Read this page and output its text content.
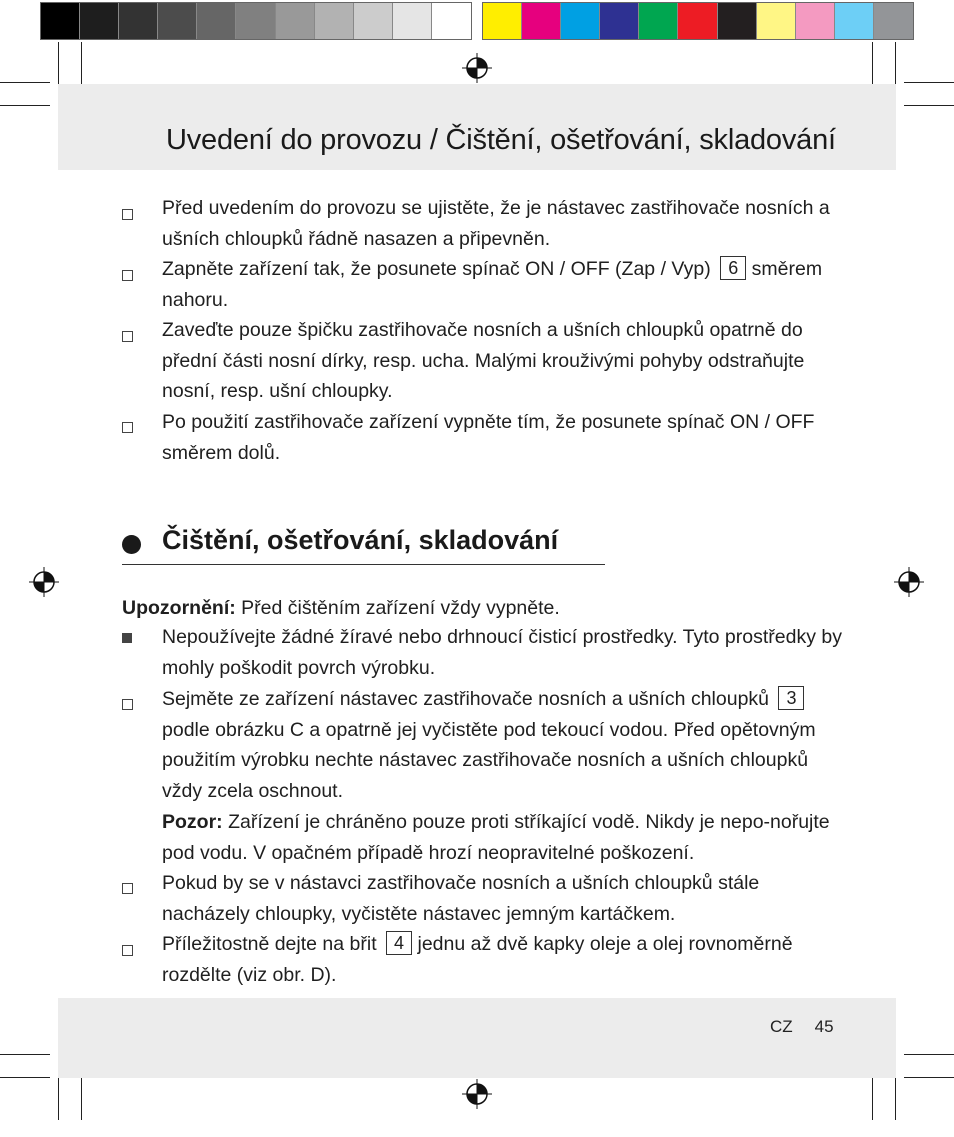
Uvedení do provozu / Čištění, ošetřování, skladování
Před uvedením do provozu se ujistěte, že je nástavec zastřihovače nosních a ušních chloupků řádně nasazen a připevněn.
Zapněte zařízení tak, že posunete spínač ON / OFF (Zap / Vyp) 6 směrem nahoru.
Zaveďte pouze špičku zastřihovače nosních a ušních chloupků opatrně do přední části nosní dírky, resp. ucha. Malými krouživými pohyby odstraňujte nosní, resp. ušní chloupky.
Po použití zastřihovače zařízení vypněte tím, že posunete spínač ON / OFF směrem dolů.
Čištění, ošetřování, skladování
Upozornění: Před čištěním zařízení vždy vypněte.
Nepoužívejte žádné žíravé nebo drhnoucí čisticí prostředky. Tyto prostředky by mohly poškodit povrch výrobku.
Sejměte ze zařízení nástavec zastřihovače nosních a ušních chloupků 3 podle obrázku C a opatrně jej vyčistěte pod tekoucí vodou. Před opětovným použitím výrobku nechte nástavec zastřihovače nosních a ušních chloupků vždy zcela oschnout.
Pozor: Zařízení je chráněno pouze proti stříkající vodě. Nikdy je nepo-nořujte pod vodu. V opačném případě hrozí neopravitelné poškození.
Pokud by se v nástavci zastřihovače nosních a ušních chloupků stále nacházely chloupky, vyčistěte nástavec jemným kartáčkem.
Příležitostně dejte na břit 4 jednu až dvě kapky oleje a olej rovnoměrně rozdělte (viz obr. D).
CZ 45
